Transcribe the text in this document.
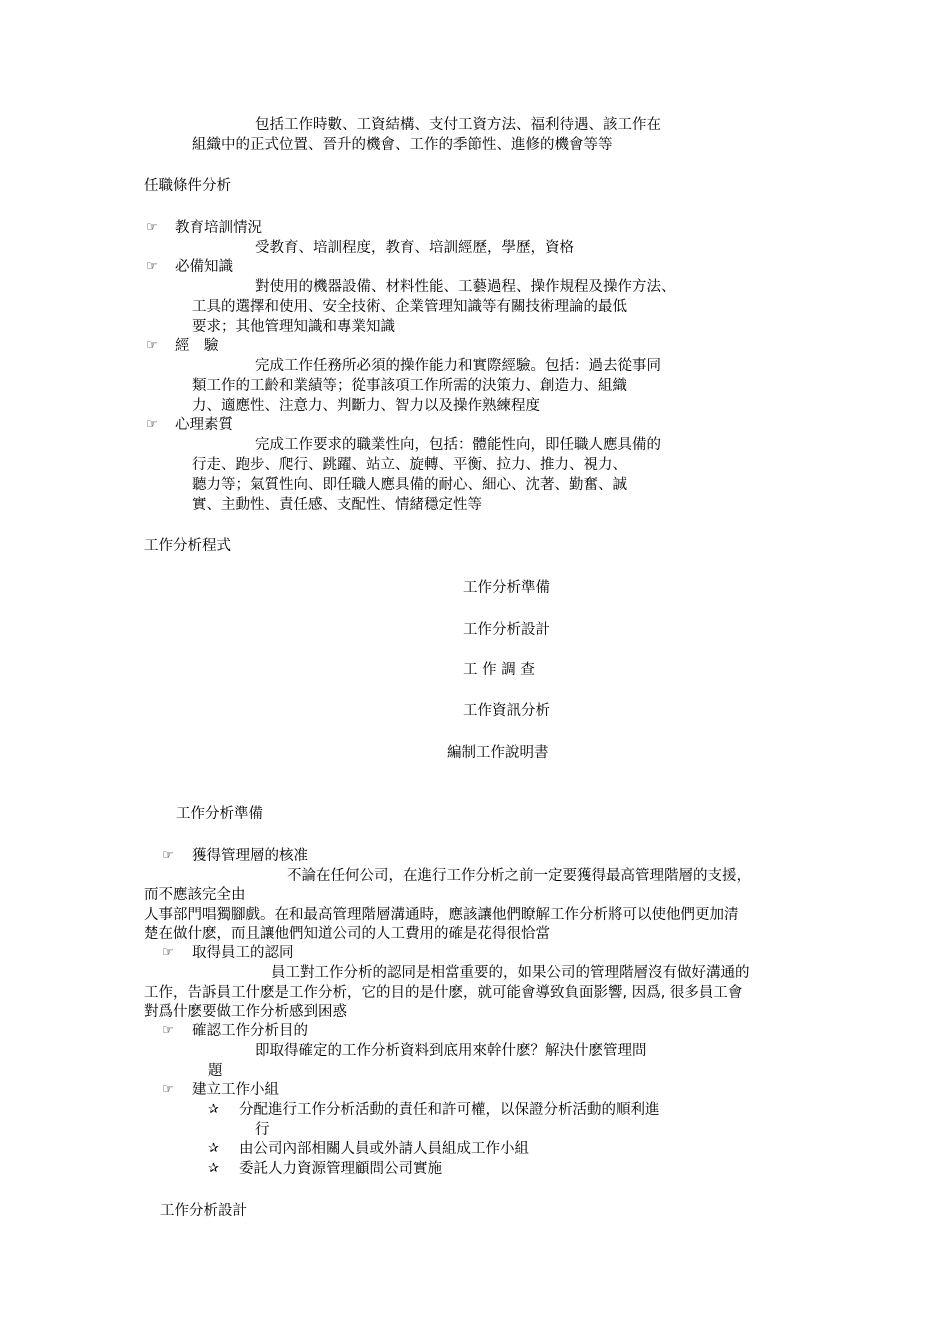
包括工作時數、工資結構、支付工資方法、福利待遇、該工作在
組織中的正式位置、晉升的機會、工作的季節性、進修的機會等等
任職條件分析
☞ 教育培訓情況
受教育、培訓程度，教育、培訓經歷，學歷，資格
☞ 必備知識
對使用的機器設備、材料性能、工藝過程、操作規程及操作方法、
工具的選擇和使用、安全技術、企業管理知識等有關技術理論的最低
要求；其他管理知識和專業知識
☞ 經　驗
完成工作任務所必須的操作能力和實際經驗。包括：過去從事同
類工作的工齡和業績等；從事該項工作所需的決策力、創造力、組織
力、適應性、注意力、判斷力、智力以及操作熟練程度
☞ 心理素質
完成工作要求的職業性向，包括：體能性向，即任職人應具備的
行走、跑步、爬行、跳躍、站立、旋轉、平衡、拉力、推力、視力、
聽力等；氣質性向、即任職人應具備的耐心、細心、沈著、勤奮、誠
實、主動性、責任感、支配性、情緒穩定性等
工作分析程式
工作分析準備
工作分析設計
工 作 調 查
工作資訊分析
編制工作說明書
工作分析準備
☞ 獲得管理層的核准
不論在任何公司，在進行工作分析之前一定要獲得最高管理階層的支援，
而不應該完全由
人事部門唱獨腳戲。在和最高管理階層溝通時，應該讓他們瞭解工作分析將可以使他們更加清
楚在做什麽，而且讓他們知道公司的人工費用的確是花得很恰當
☞ 取得員工的認同
員工對工作分析的認同是相當重要的，如果公司的管理階層沒有做好溝通的
工作，告訴員工什麽是工作分析，它的目的是什麽，就可能會導致負面影響, 因爲, 很多員工會
對爲什麽要做工作分析感到困惑
☞ 確認工作分析目的
即取得確定的工作分析資料到底用來幹什麽？解決什麽管理問
題
☞ 建立工作小組
✰ 分配進行工作分析活動的責任和許可權，以保證分析活動的順利進
行
✰ 由公司內部相關人員或外請人員組成工作小組
✰ 委託人力資源管理顧問公司實施
工作分析設計
